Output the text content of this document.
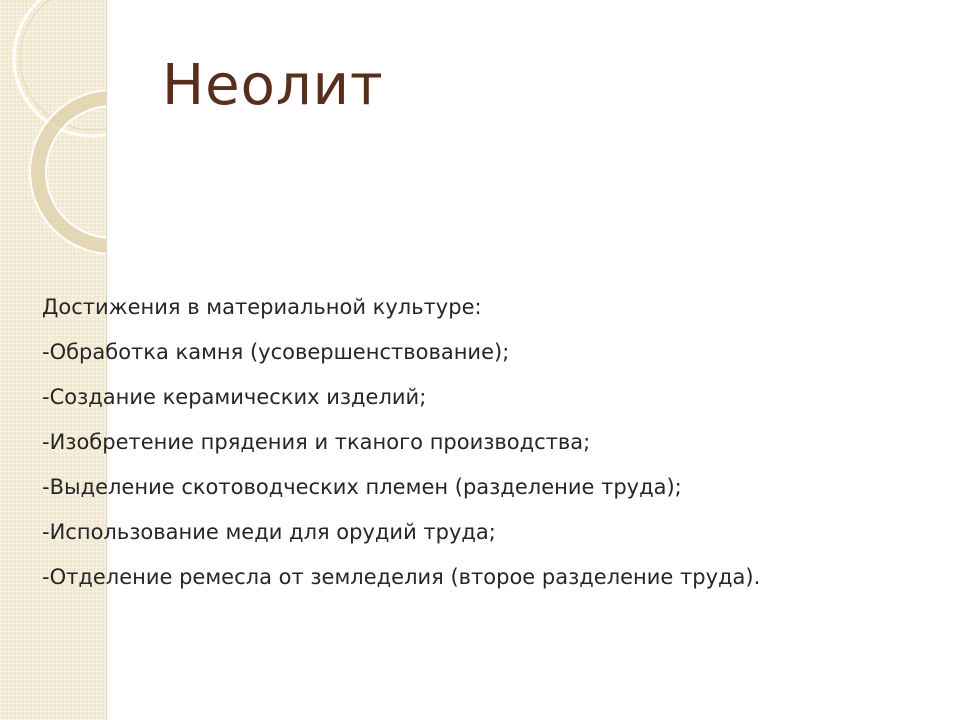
Неолит

Достижения в материальной культуре:

-Обработка камня (усовершенствование);

-Создание керамических изделий;

-Изобретение прядения и тканого производства;

-Выделение скотоводческих племен (разделение труда);

-Использование меди для орудий труда;

-Отделение ремесла от земледелия (второе разделение труда).
